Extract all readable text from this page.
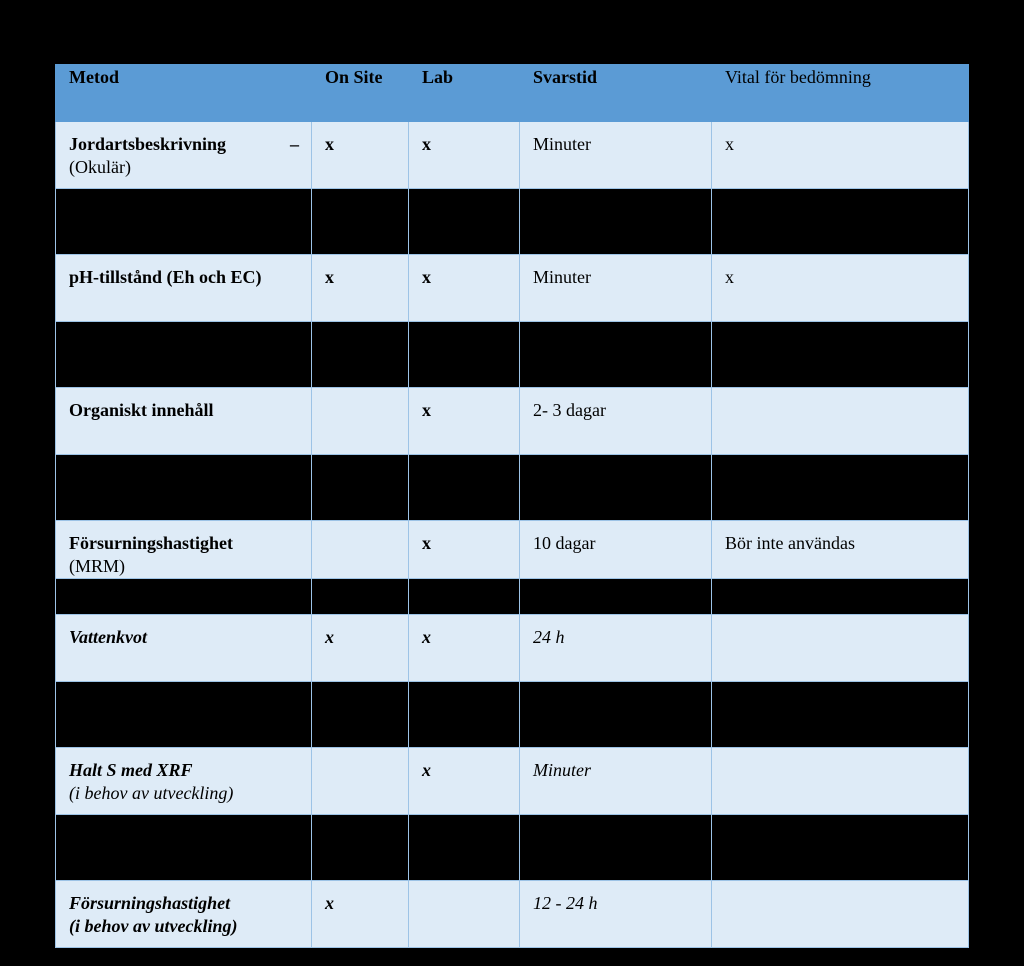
Metod	On Site	Lab	Svarstid	Vital för bedömning

Jordartsbeskrivning –
(Okulär)	x	x	Minuter	x

pH-tillstånd (Eh och EC)	x	x	Minuter	x

Organiskt innehåll		x	2- 3 dagar	

Försurningshastighet
(MRM)		x	10 dagar	Bör inte användas

Vattenkvot	x	x	24 h	

Halt S med XRF
(i behov av utveckling)		x	Minuter	

Försurningshastighet
(i behov av utveckling)	x		12 - 24 h	
